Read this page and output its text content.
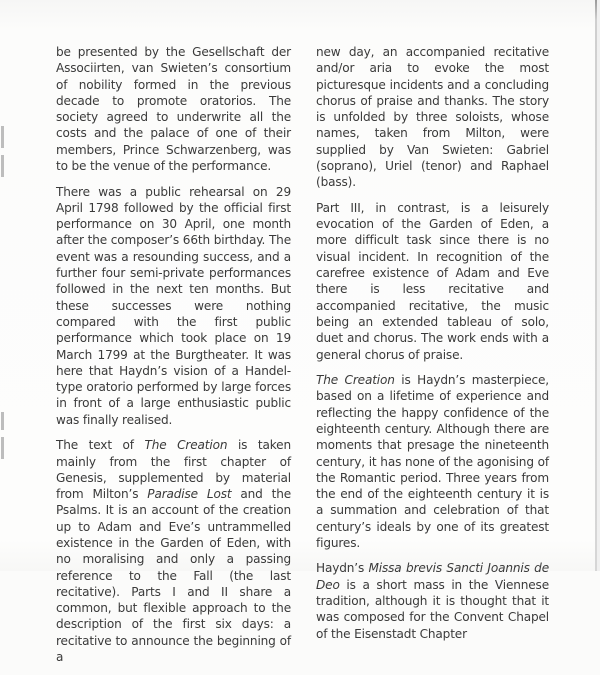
be presented by the Gesellschaft der Associirten, van Swieten’s consortium of nobility formed in the previous decade to promote oratorios. The society agreed to underwrite all the costs and the palace of one of their members, Prince Schwarzenberg, was to be the venue of the performance.

There was a public rehearsal on 29 April 1798 followed by the official first performance on 30 April, one month after the composer’s 66th birthday. The event was a resounding success, and a further four semi-private performances followed in the next ten months. But these successes were nothing compared with the first public performance which took place on 19 March 1799 at the Burgtheater. It was here that Haydn’s vision of a Handel-type oratorio performed by large forces in front of a large enthusiastic public was finally realised.

The text of The Creation is taken mainly from the first chapter of Genesis, supplemented by material from Milton’s Paradise Lost and the Psalms. It is an account of the creation up to Adam and Eve’s untrammelled existence in the Garden of Eden, with no moralising and only a passing reference to the Fall (the last recitative). Parts I and II share a common, but flexible approach to the description of the first six days: a recitative to announce the beginning of a

new day, an accompanied recitative and/or aria to evoke the most picturesque incidents and a concluding chorus of praise and thanks. The story is unfolded by three soloists, whose names, taken from Milton, were supplied by Van Swieten: Gabriel (soprano), Uriel (tenor) and Raphael (bass).

Part III, in contrast, is a leisurely evocation of the Garden of Eden, a more difficult task since there is no visual incident. In recognition of the carefree existence of Adam and Eve there is less recitative and accompanied recitative, the music being an extended tableau of solo, duet and chorus. The work ends with a general chorus of praise.

The Creation is Haydn’s masterpiece, based on a lifetime of experience and reflecting the happy confidence of the eighteenth century. Although there are moments that presage the nineteenth century, it has none of the agonising of the Romantic period. Three years from the end of the eighteenth century it is a summation and celebration of that century’s ideals by one of its greatest figures.

Haydn’s Missa brevis Sancti Joannis de Deo is a short mass in the Viennese tradition, although it is thought that it was composed for the Convent Chapel of the Eisenstadt Chapter
